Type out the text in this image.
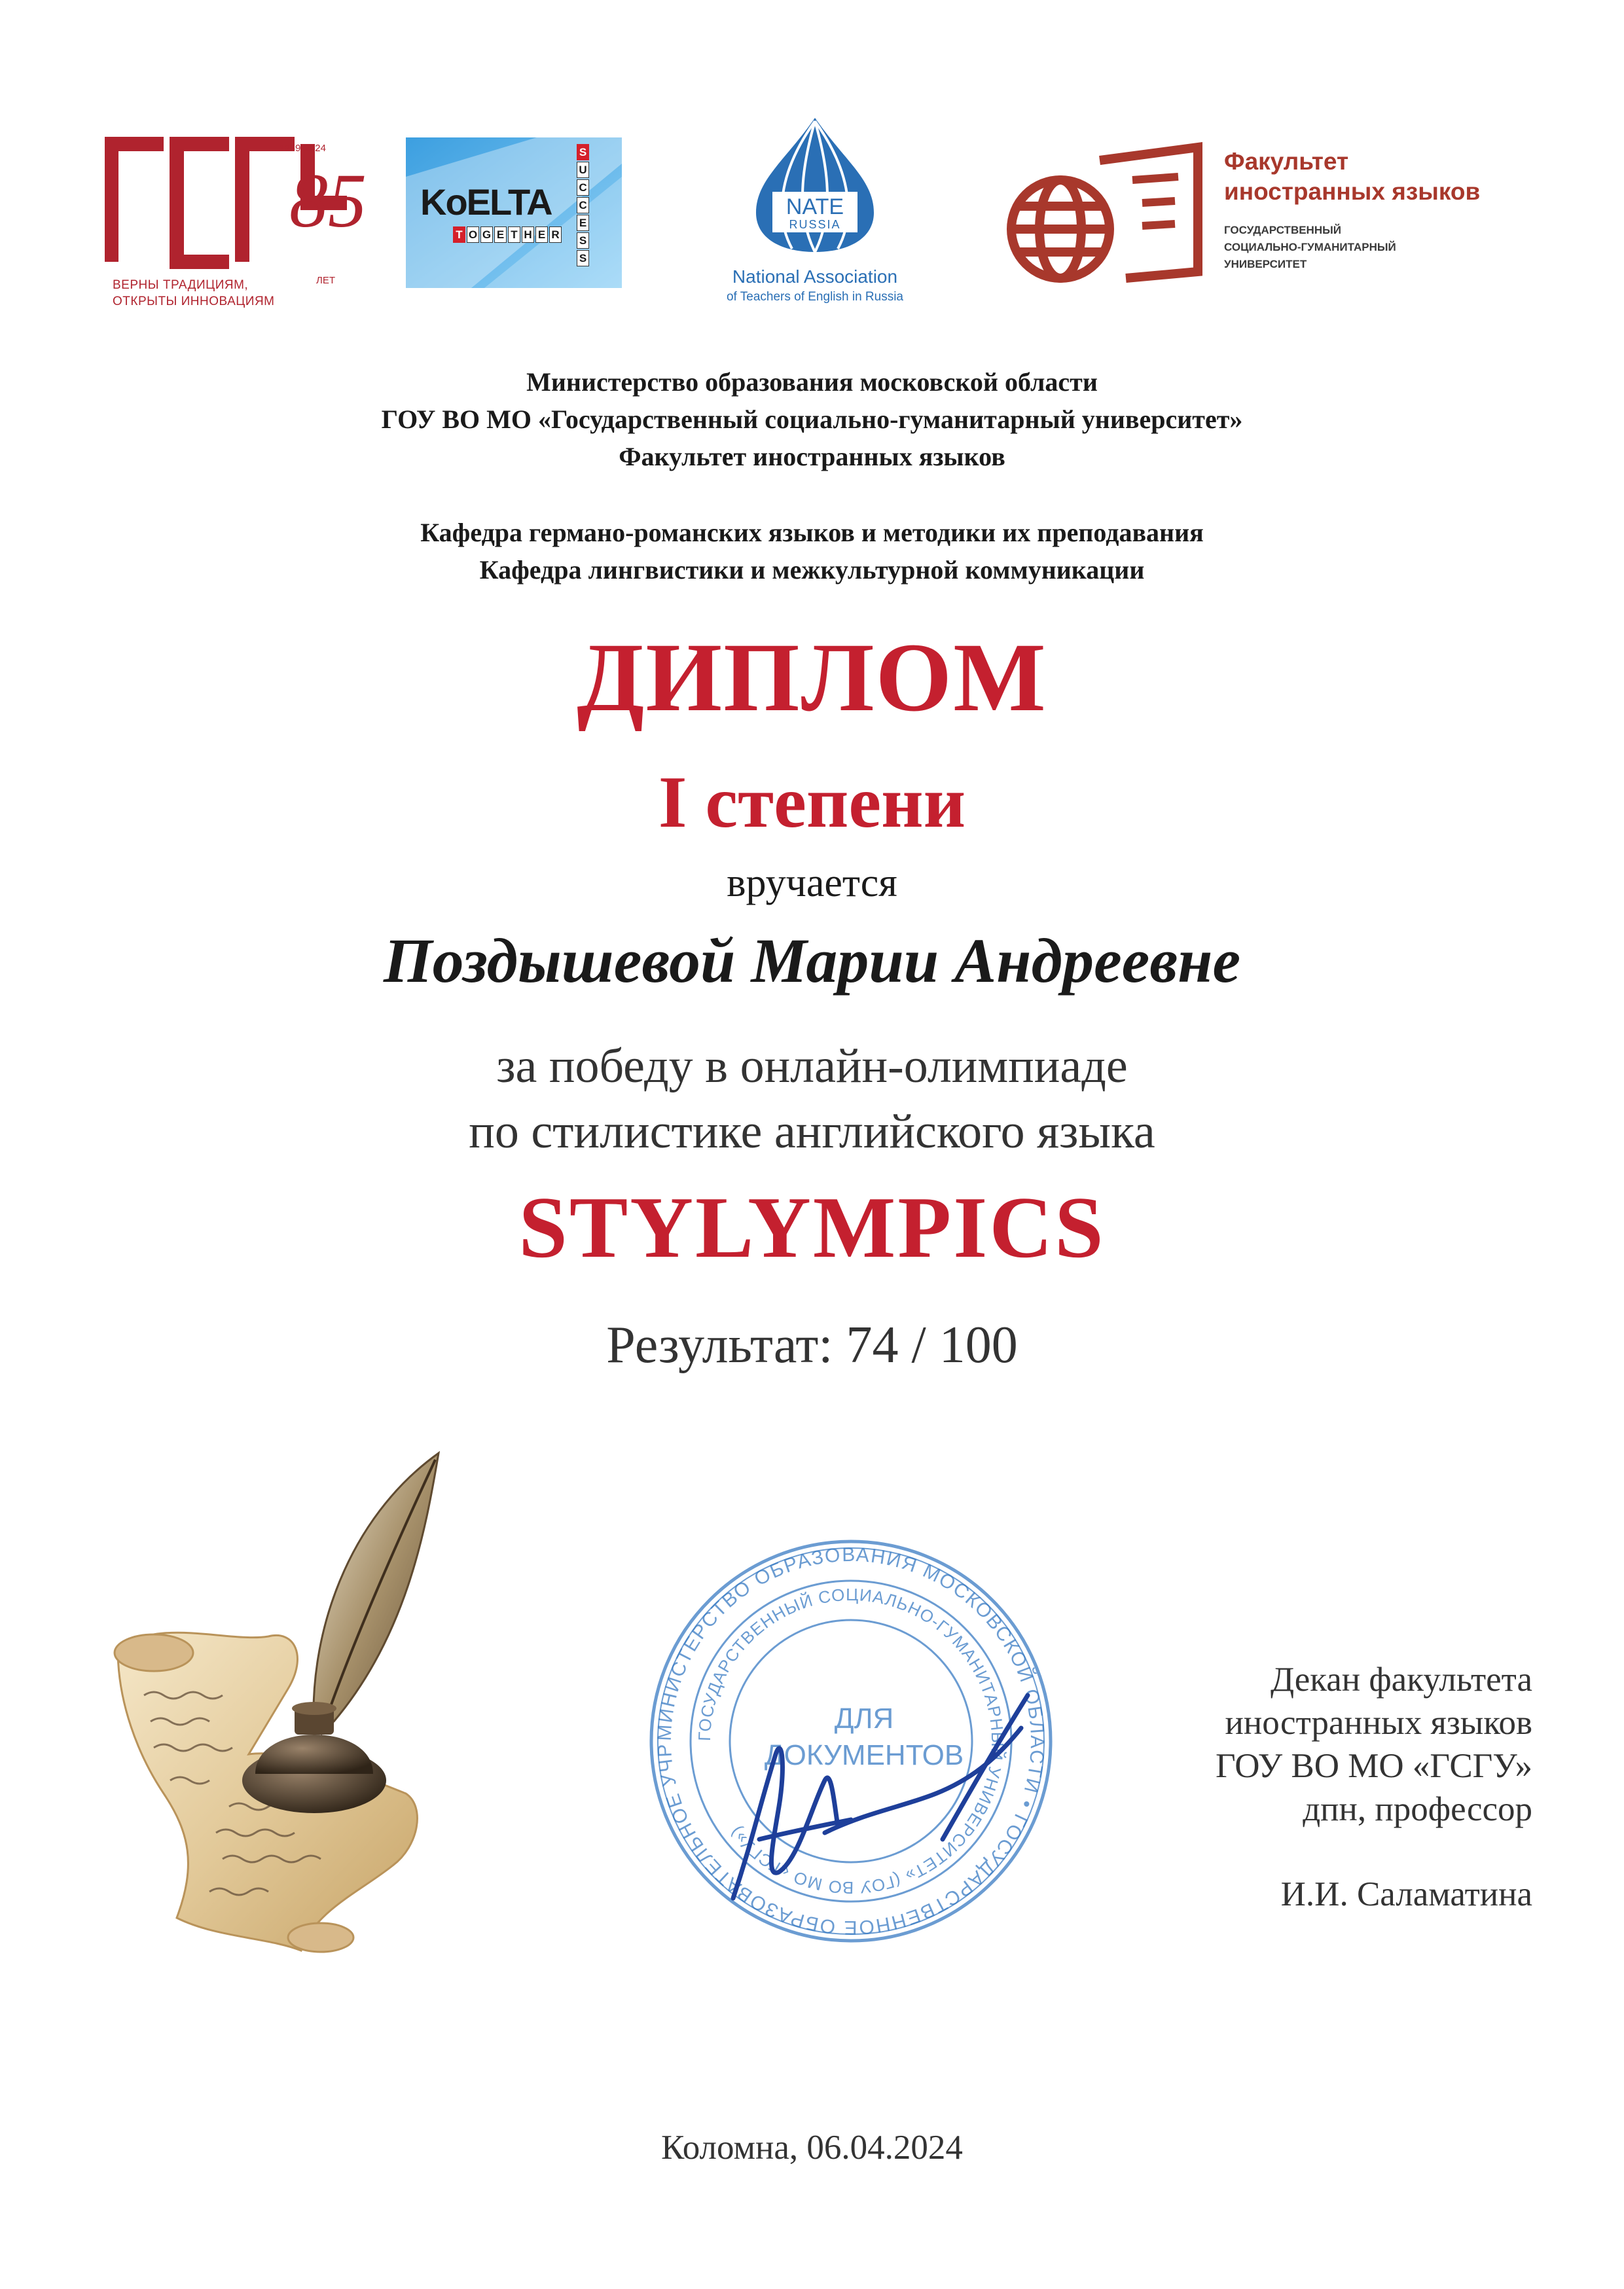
1939•2024
85
ЛЕТ
ВЕРНЫ ТРАДИЦИЯМ,
ОТКРЫТЫ ИННОВАЦИЯМ
KoELTA
T O G E T H E R
S
U
C
C
E
S
S
NATE
RUSSIA
National Association
of Teachers of English in Russia
Факультет
иностранных языков
ГОСУДАРСТВЕННЫЙ
СОЦИАЛЬНО-ГУМАНИТАРНЫЙ
УНИВЕРСИТЕТ
Министерство образования московской области
ГОУ ВО МО «Государственный социально-гуманитарный университет»
Факультет иностранных языков
Кафедра германо-романских языков и методики их преподавания
Кафедра лингвистики и межкультурной коммуникации
ДИПЛОМ
I степени
вручается
Поздышевой Марии Андреевне
за победу в онлайн-олимпиаде
по стилистике английского языка
STYLYMPICS
Результат: 74 / 100
МИНИСТЕРСТВО ОБРАЗОВАНИЯ МОСКОВСКОЙ ОБЛАСТИ • ГОСУДАРСТВЕННОЕ ОБРАЗОВАТЕЛЬНОЕ УЧР
ГОСУДАРСТВЕННЫЙ СОЦИАЛЬНО-ГУМАНИТАРНЫЙ УНИВЕРСИТЕТ» (ГОУ ВО МО «ГСГУ»)
ДЛЯ
ДОКУМЕНТОВ
Декан факультета
иностранных языков
ГОУ ВО МО «ГСГУ»
дпн, профессор
И.И. Саламатина
Коломна, 06.04.2024
ГСГУ
